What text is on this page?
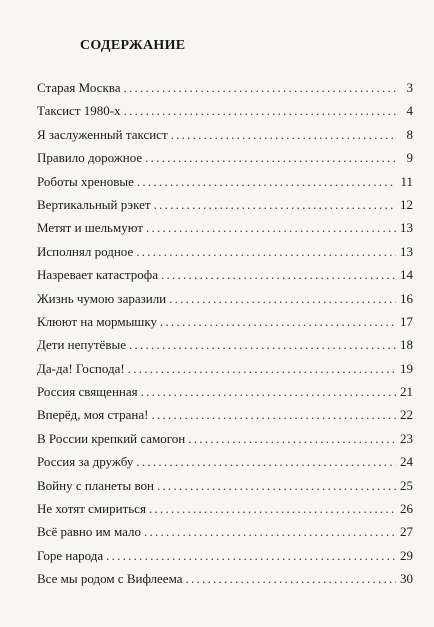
СОДЕРЖАНИЕ
Старая Москва . . .	3
Таксист 1980-х . . .	4
Я заслуженный таксист . . .	8
Правило дорожное . . .	9
Роботы хреновые . . .	11
Вертикальный рэкет . . .	12
Метят и шельмуют . . .	13
Исполнял родное . . .	13
Назревает катастрофа . . .	14
Жизнь чумою заразили . . .	16
Клюют на мормышку . . .	17
Дети непутёвые . . .	18
Да-да! Господа! . . .	19
Россия священная . . .	21
Вперёд, моя страна! . . .	22
В России крепкий самогон . . .	23
Россия за дружбу . . .	24
Войну с планеты вон . . .	25
Не хотят смириться . . .	26
Всё равно им мало . . .	27
Горе народа . . .	29
Все мы родом с Вифлеема . . .	30
